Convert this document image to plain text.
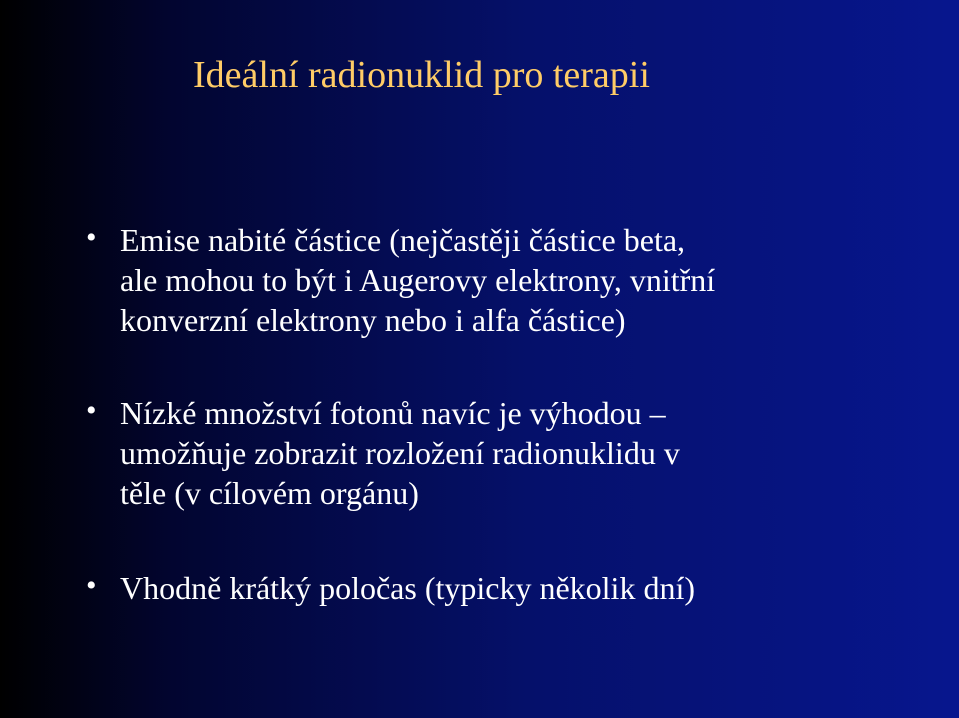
Ideální radionuklid pro terapii
• Emise nabité částice (nejčastěji částice beta,
ale mohou to být i Augerovy elektrony, vnitřní
konverzní elektrony nebo i alfa částice)
• Nízké množství fotonů navíc je výhodou –
umožňuje zobrazit rozložení radionuklidu v
těle (v cílovém orgánu)
• Vhodně krátký poločas (typicky několik dní)
